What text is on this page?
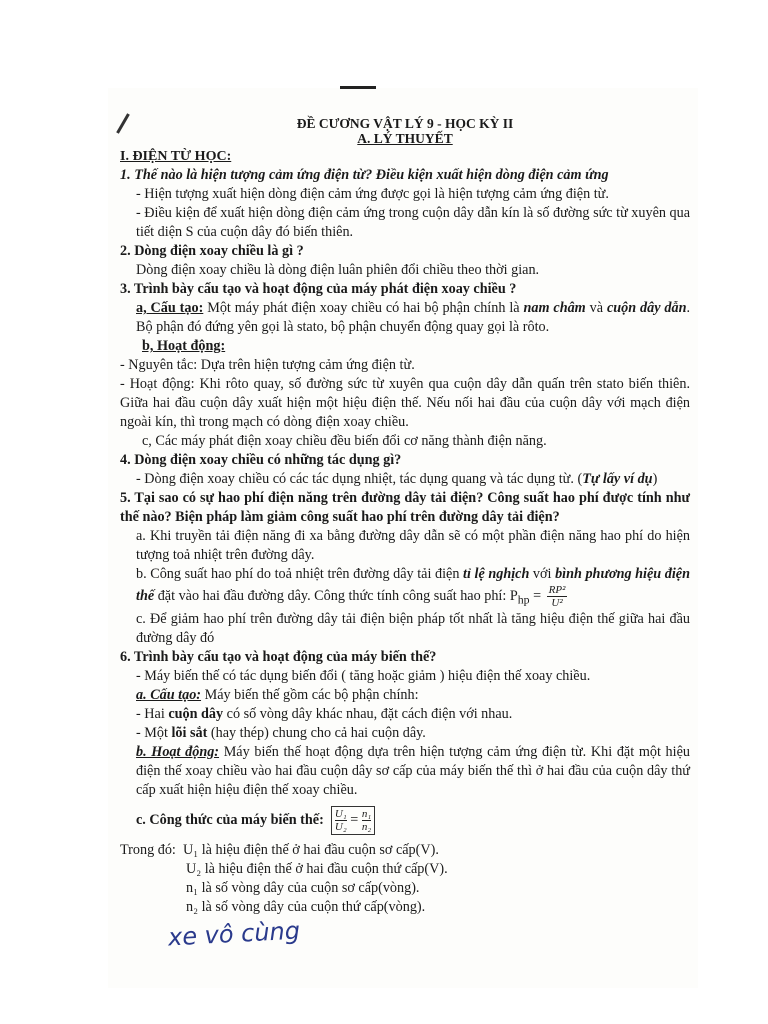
ĐỀ CƯƠNG VẬT LÝ 9 - HỌC KỲ II

A. LÝ THUYẾT

I. ĐIỆN TỪ HỌC:

1. Thế nào là hiện tượng cảm ứng điện từ? Điều kiện xuất hiện dòng điện cảm ứng

- Hiện tượng xuất hiện dòng điện cảm ứng được gọi là hiện tượng cảm ứng điện từ.

- Điều kiện để xuất hiện dòng điện cảm ứng trong cuộn dây dẫn kín là số đường sức từ xuyên qua tiết diện S của cuộn dây đó biến thiên.

2. Dòng điện xoay chiều là gì ?

Dòng điện xoay chiều là dòng điện luân phiên đổi chiều theo thời gian.

3. Trình bày cấu tạo và hoạt động của máy phát điện xoay chiều ?

a, Cấu tạo: Một máy phát điện xoay chiều có hai bộ phận chính là nam châm và cuộn dây dẫn. Bộ phận đó đứng yên gọi là stato, bộ phận chuyển động quay gọi là rôto.

b, Hoạt động:

- Nguyên tắc: Dựa trên hiện tượng cảm ứng điện từ.

- Hoạt động: Khi rôto quay, số đường sức từ xuyên qua cuộn dây dẫn quấn trên stato biến thiên. Giữa hai đầu cuộn dây xuất hiện một hiệu điện thế. Nếu nối hai đầu của cuộn dây với mạch điện ngoài kín, thì trong mạch có dòng điện xoay chiều.

c, Các máy phát điện xoay chiều đều biến đổi cơ năng thành điện năng.

4. Dòng điện xoay chiều có những tác dụng gì?

- Dòng điện xoay chiều có các tác dụng nhiệt, tác dụng quang và tác dụng từ. (Tự lấy ví dụ)

5. Tại sao có sự hao phí điện năng trên đường dây tải điện? Công suất hao phí được tính như thế nào? Biện pháp làm giảm công suất hao phí trên đường dây tải điện?

a. Khi truyền tải điện năng đi xa bằng đường dây dẫn sẽ có một phần điện năng hao phí do hiện tượng toả nhiệt trên đường dây.

b. Công suất hao phí do toả nhiệt trên đường dây tải điện tỉ lệ nghịch với bình phương hiệu điện thế đặt vào hai đầu đường dây. Công thức tính công suất hao phí: $P_{hp} = \frac{\text{RP²}}{\text{U²}}$

c. Để giảm hao phí trên đường dây tải điện biện pháp tốt nhất là tăng hiệu điện thế giữa hai đầu đường dây đó

6. Trình bày cấu tạo và hoạt động của máy biến thế?

- Máy biến thế có tác dụng biến đổi ( tăng hoặc giảm ) hiệu điện thế xoay chiều.

a. Cấu tạo: Máy biến thế gồm các bộ phận chính:

- Hai cuộn dây có số vòng dây khác nhau, đặt cách điện với nhau.

- Một lõi sắt (hay thép) chung cho cả hai cuộn dây.

b. Hoạt động: Máy biến thế hoạt động dựa trên hiện tượng cảm ứng điện từ. Khi đặt một hiệu điện thế xoay chiều vào hai đầu cuộn dây sơ cấp của máy biến thế thì ở hai đầu của cuộn dây thứ cấp xuất hiện hiệu điện thế xoay chiều.

c. Công thức của máy biến thế: $\frac{\text{U₁}}{\text{U₂}}$
=
$\frac{\text{n₁}}{\text{n₂}}$

Trong đó: U₁ là hiệu điện thế ở hai đầu cuộn sơ cấp(V).

U₂ là hiệu điện thế ở hai đầu cuộn thứ cấp(V).

n₁ là số vòng dây của cuộn sơ cấp(vòng).

n₂ là số vòng dây của cuộn thứ cấp(vòng).

xe vô cùng
